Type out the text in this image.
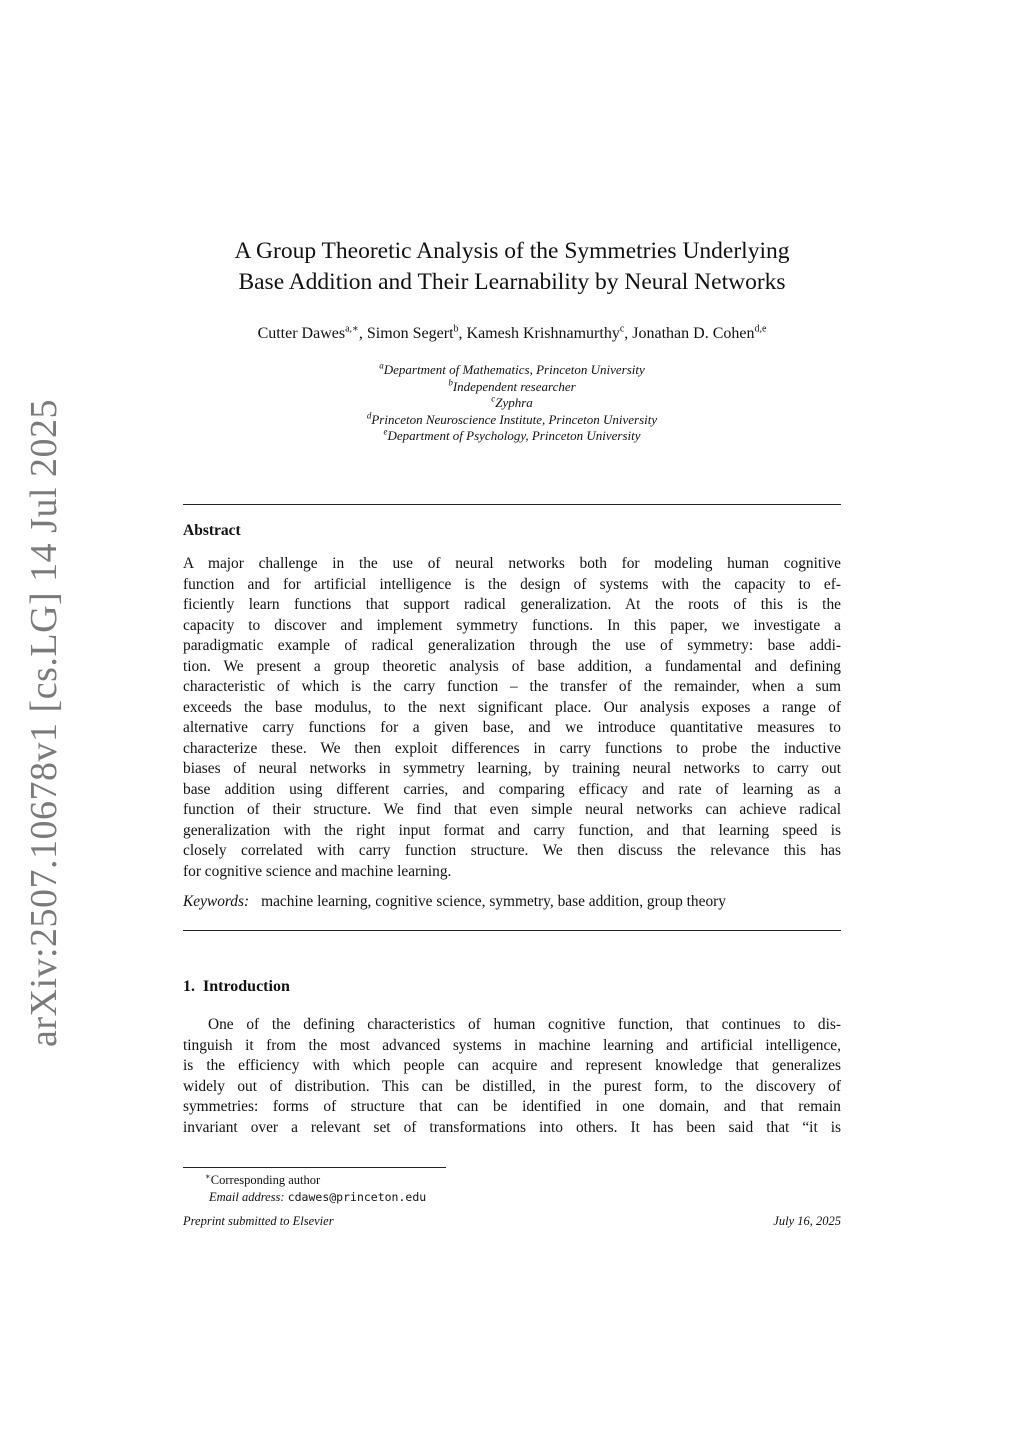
arXiv:2507.10678v1 [cs.LG] 14 Jul 2025
A Group Theoretic Analysis of the Symmetries Underlying
Base Addition and Their Learnability by Neural Networks
Cutter Dawes$^{a,∗}$, Simon Segert$^b$, Kamesh Krishnamurthy$^c$, Jonathan D. Cohen$^{d,e}$
$^a$Department of Mathematics, Princeton University
$^b$Independent researcher
$^c$Zyphra
$^d$Princeton Neuroscience Institute, Princeton University
$^e$Department of Psychology, Princeton University
Abstract
A major challenge in the use of neural networks both for modeling human cognitive
function and for artificial intelligence is the design of systems with the capacity to ef-
ficiently learn functions that support radical generalization. At the roots of this is the
capacity to discover and implement symmetry functions. In this paper, we investigate a
paradigmatic example of radical generalization through the use of symmetry: base addi-
tion. We present a group theoretic analysis of base addition, a fundamental and defining
characteristic of which is the carry function – the transfer of the remainder, when a sum
exceeds the base modulus, to the next significant place. Our analysis exposes a range of
alternative carry functions for a given base, and we introduce quantitative measures to
characterize these. We then exploit differences in carry functions to probe the inductive
biases of neural networks in symmetry learning, by training neural networks to carry out
base addition using different carries, and comparing efficacy and rate of learning as a
function of their structure. We find that even simple neural networks can achieve radical
generalization with the right input format and carry function, and that learning speed is
closely correlated with carry function structure. We then discuss the relevance this has
for cognitive science and machine learning.
Keywords: machine learning, cognitive science, symmetry, base addition, group theory
1. Introduction
One of the defining characteristics of human cognitive function, that continues to dis-
tinguish it from the most advanced systems in machine learning and artificial intelligence,
is the efficiency with which people can acquire and represent knowledge that generalizes
widely out of distribution. This can be distilled, in the purest form, to the discovery of
symmetries: forms of structure that can be identified in one domain, and that remain
invariant over a relevant set of transformations into others. It has been said that “it is
∗Corresponding author
Email address: cdawes@princeton.edu
Preprint submitted to Elsevier	July 16, 2025
